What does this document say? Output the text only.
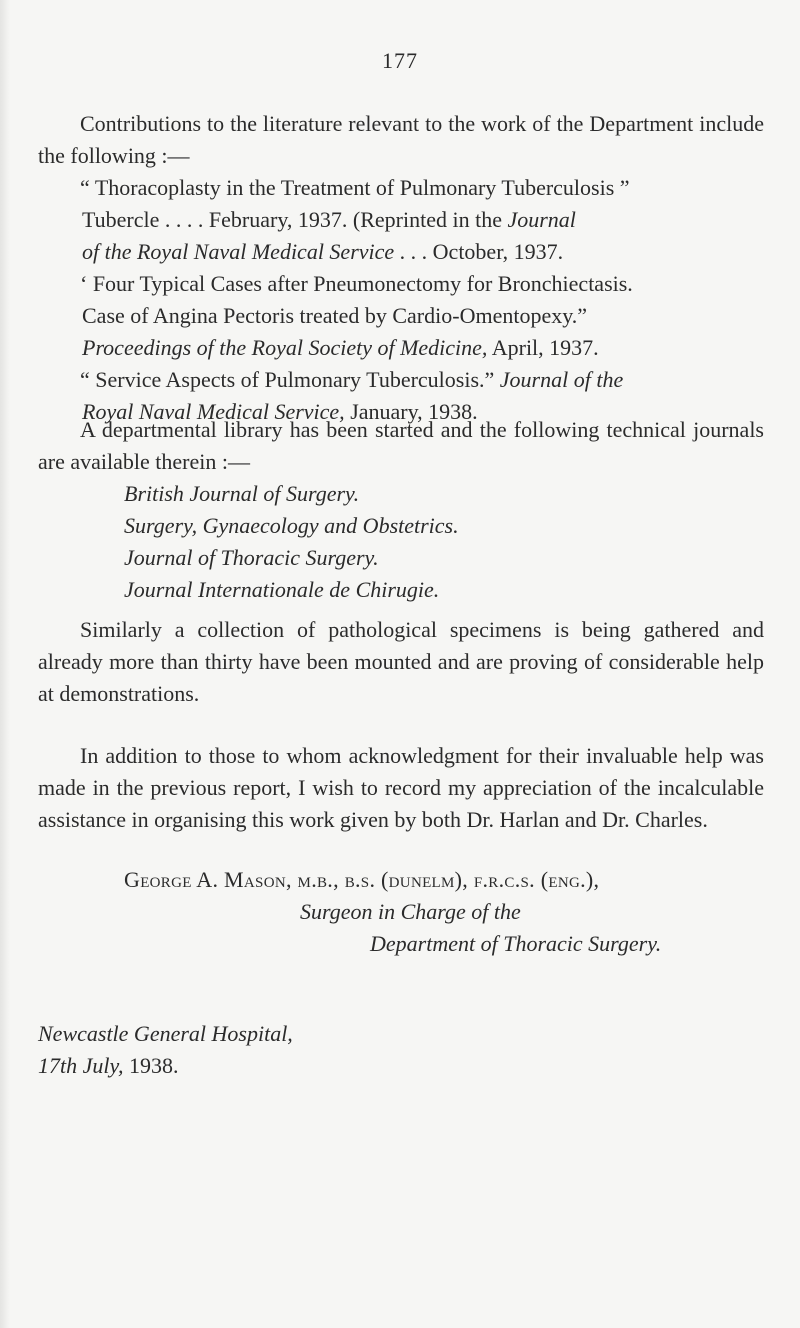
177

Contributions to the literature relevant to the work of the Department include the following :—

“ Thoracoplasty in the Treatment of Pulmonary Tuberculosis ”
Tubercle . . . . February, 1937. (Reprinted in the Journal
of the Royal Naval Medical Service . . . October, 1937.
‘ Four Typical Cases after Pneumonectomy for Bronchiectasis.
Case of Angina Pectoris treated by Cardio-Omentopexy.”
Proceedings of the Royal Society of Medicine, April, 1937.
“ Service Aspects of Pulmonary Tuberculosis.” Journal of the
Royal Naval Medical Service, January, 1938.

A departmental library has been started and the following technical journals are available therein :—

British Journal of Surgery.
Surgery, Gynaecology and Obstetrics.
Journal of Thoracic Surgery.
Journal Internationale de Chirugie.

Similarly a collection of pathological specimens is being gathered and already more than thirty have been mounted and are proving of considerable help at demonstrations.

In addition to those to whom acknowledgment for their invaluable help was made in the previous report, I wish to record my appreciation of the incalculable assistance in organising this work given by both Dr. Harlan and Dr. Charles.

George A. Mason, m.b., b.s. (dunelm), f.r.c.s. (eng.),
Surgeon in Charge of the
Department of Thoracic Surgery.
Newcastle General Hospital,
17th July, 1938.
